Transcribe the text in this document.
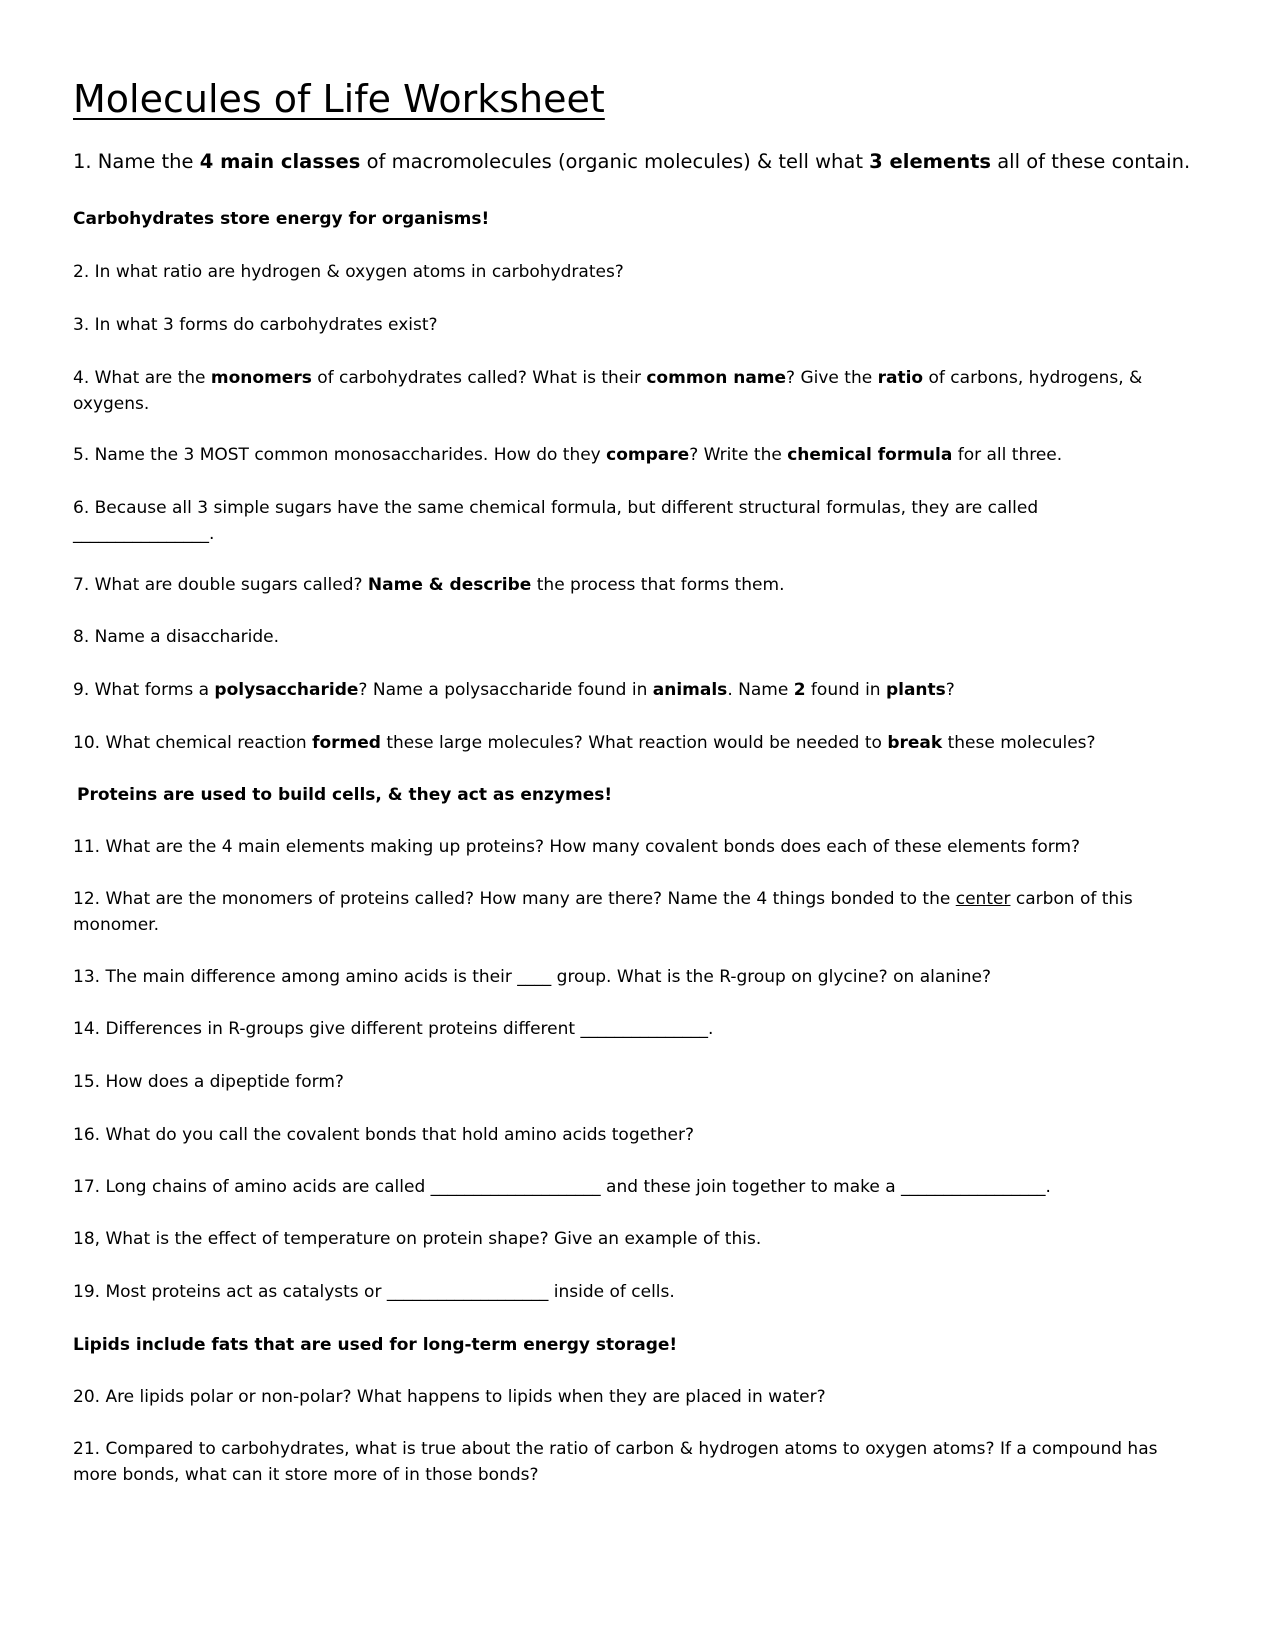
Molecules of Life Worksheet

1. Name the 4 main classes of macromolecules (organic molecules) & tell what 3 elements all of these contain.

Carbohydrates store energy for organisms!

2. In what ratio are hydrogen & oxygen atoms in carbohydrates?

3. In what 3 forms do carbohydrates exist?

4. What are the monomers of carbohydrates called? What is their common name? Give the ratio of carbons, hydrogens, & oxygens.

5. Name the 3 MOST common monosaccharides. How do they compare? Write the chemical formula for all three.

6. Because all 3 simple sugars have the same chemical formula, but different structural formulas, they are called
________________.

7. What are double sugars called? Name & describe the process that forms them.

8. Name a disaccharide.

9. What forms a polysaccharide? Name a polysaccharide found in animals. Name 2 found in plants?

10. What chemical reaction formed these large molecules? What reaction would be needed to break these molecules?

Proteins are used to build cells, & they act as enzymes!

11. What are the 4 main elements making up proteins? How many covalent bonds does each of these elements form?

12. What are the monomers of proteins called? How many are there? Name the 4 things bonded to the center carbon of this monomer.

13. The main difference among amino acids is their ____ group. What is the R-group on glycine? on alanine?

14. Differences in R-groups give different proteins different _______________.

15. How does a dipeptide form?

16. What do you call the covalent bonds that hold amino acids together?

17. Long chains of amino acids are called ____________________ and these join together to make a _________________.

18, What is the effect of temperature on protein shape? Give an example of this.

19. Most proteins act as catalysts or ___________________ inside of cells.

Lipids include fats that are used for long-term energy storage!

20. Are lipids polar or non-polar? What happens to lipids when they are placed in water?

21. Compared to carbohydrates, what is true about the ratio of carbon & hydrogen atoms to oxygen atoms? If a compound has more bonds, what can it store more of in those bonds?
